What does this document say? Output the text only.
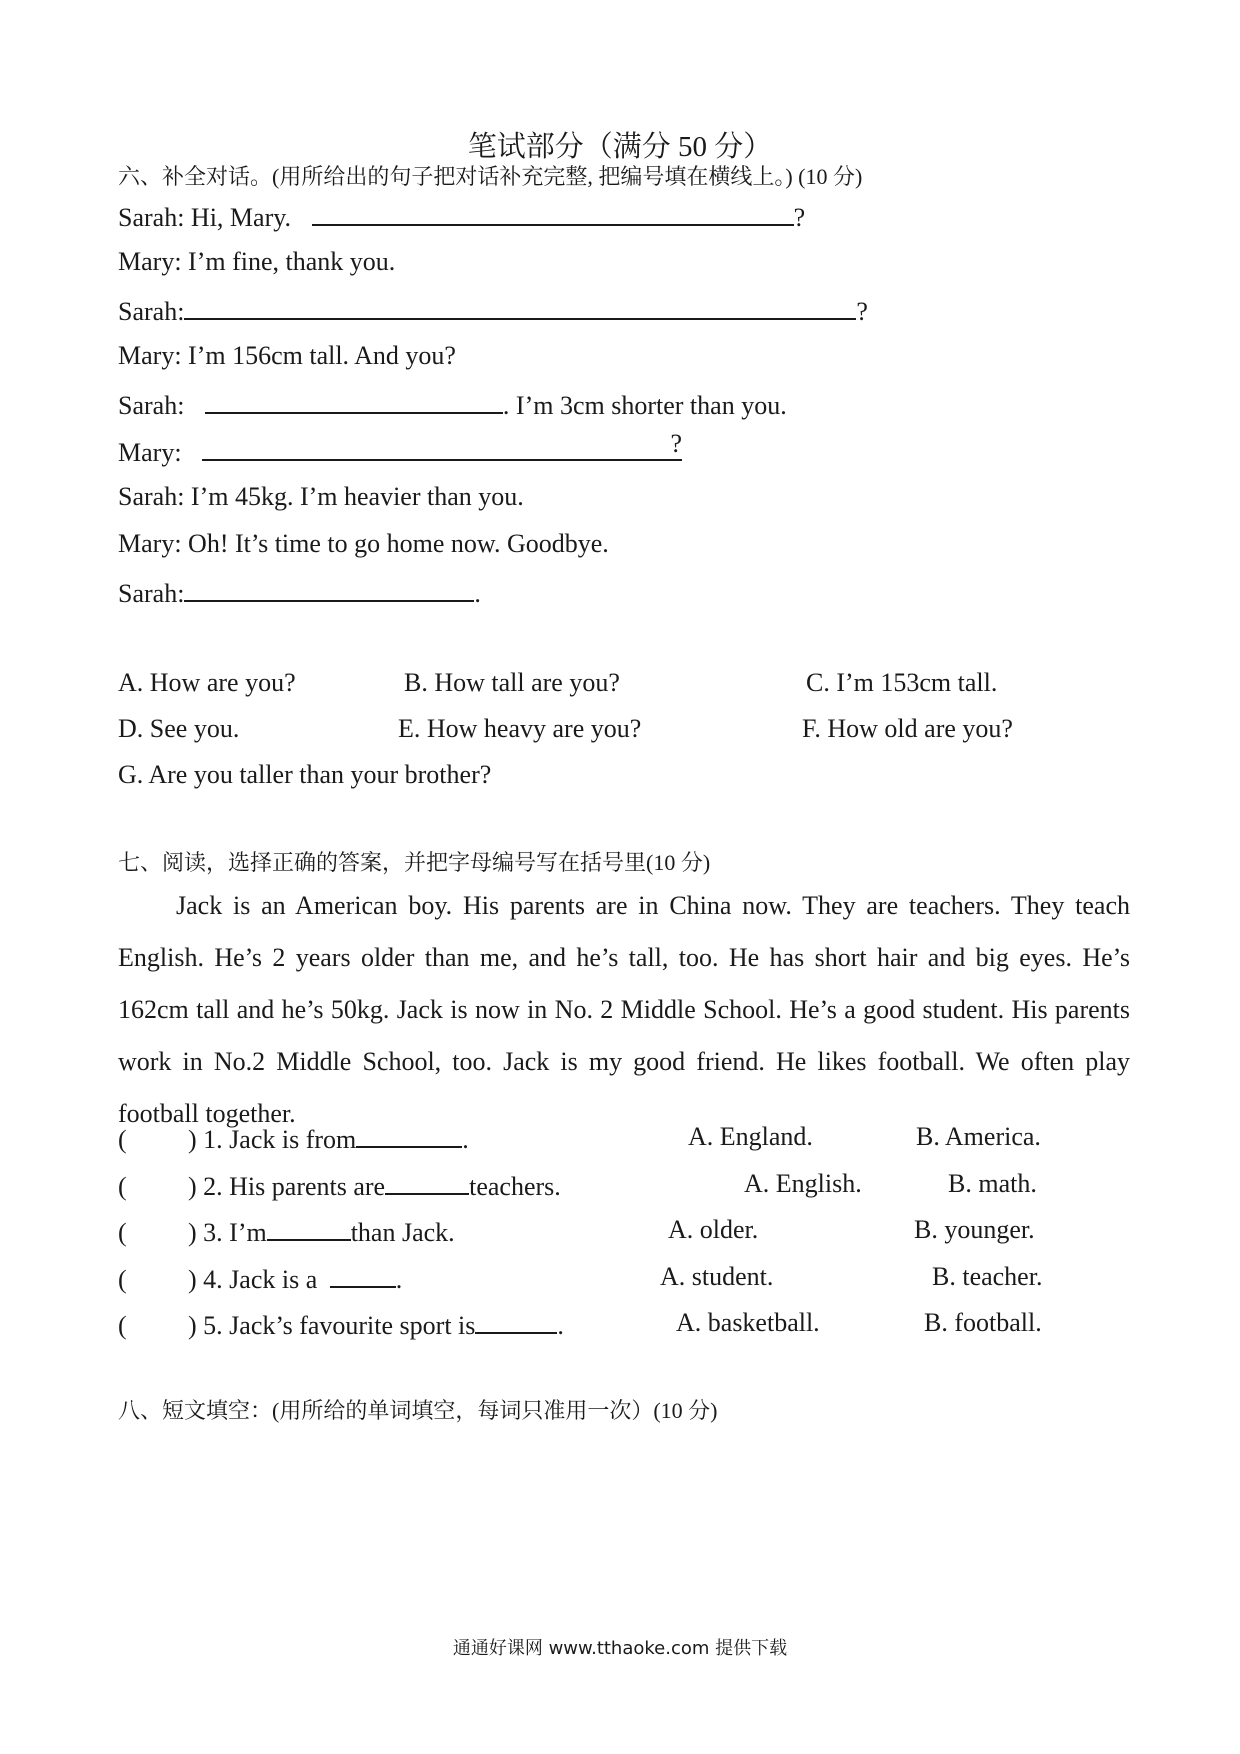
笔试部分（满分 50 分）
六、补全对话。(用所给出的句子把对话补充完整, 把编号填在横线上。) (10 分)
Sarah: Hi, Mary.	?
Mary: I’m fine, thank you.
Sarah:	?
Mary: I’m 156cm tall. And you?
Sarah:	. I’m 3cm shorter than you.
Mary:	?
Sarah: I’m 45kg. I’m heavier than you.
Mary: Oh! It’s time to go home now. Goodbye.
Sarah:	.
A. How are you?	B. How tall are you?	C. I’m 153cm tall.
D. See you.	E. How heavy are you?	F. How old are you?
G. Are you taller than your brother?
七、阅读，选择正确的答案，并把字母编号写在括号里(10 分)
Jack is an American boy. His parents are in China now. They are teachers. They teach English. He’s 2 years older than me, and he’s tall, too. He has short hair and big eyes. He’s 162cm tall and he’s 50kg. Jack is now in No. 2 Middle School. He’s a good student. His parents work in No.2 Middle School, too. Jack is my good friend. He likes football. We often play football together.
( ) 1. Jack is from	.	A. England.	B. America.
( ) 2. His parents are	teachers.	A. English.	B. math.
( ) 3. I’m	than Jack.	A. older.	B. younger.
( ) 4. Jack is a	.	A. student.	B. teacher.
( ) 5. Jack’s favourite sport is	.	A. basketball.	B. football.
八、短文填空：(用所给的单词填空，每词只准用一次）(10 分)
通通好课网 www.tthaoke.com 提供下载
